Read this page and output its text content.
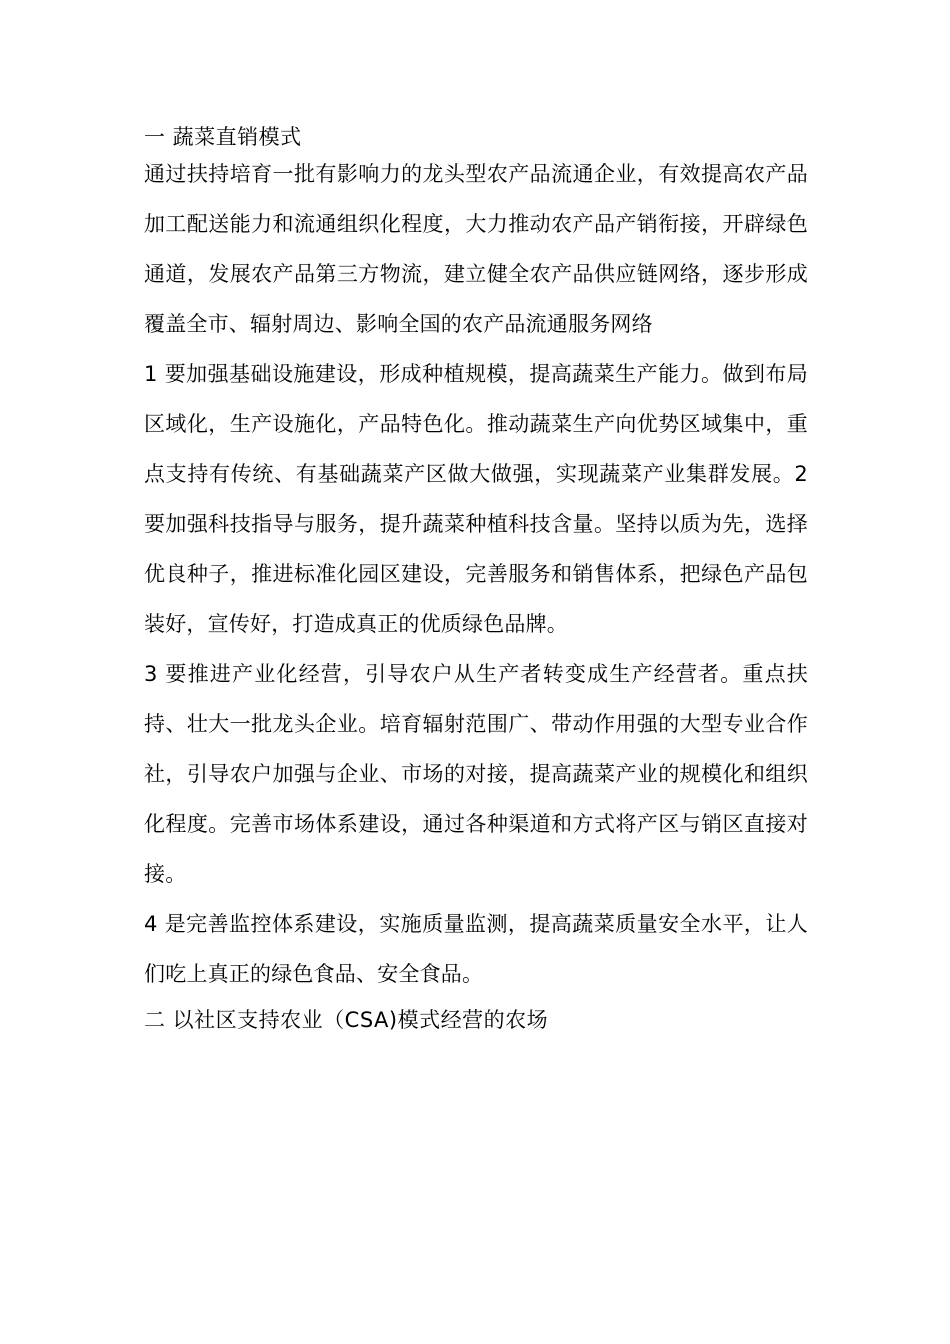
一 蔬菜直销模式

通过扶持培育一批有影响力的龙头型农产品流通企业，有效提高农产品加工配送能力和流通组织化程度，大力推动农产品产销衔接，开辟绿色通道，发展农产品第三方物流，建立健全农产品供应链网络，逐步形成覆盖全市、辐射周边、影响全国的农产品流通服务网络

1 要加强基础设施建设，形成种植规模，提高蔬菜生产能力。做到布局区域化，生产设施化，产品特色化。推动蔬菜生产向优势区域集中，重点支持有传统、有基础蔬菜产区做大做强，实现蔬菜产业集群发展。2 要加强科技指导与服务，提升蔬菜种植科技含量。坚持以质为先，选择优良种子，推进标准化园区建设，完善服务和销售体系，把绿色产品包装好，宣传好，打造成真正的优质绿色品牌。

3 要推进产业化经营，引导农户从生产者转变成生产经营者。重点扶持、壮大一批龙头企业。培育辐射范围广、带动作用强的大型专业合作社，引导农户加强与企业、市场的对接，提高蔬菜产业的规模化和组织化程度。完善市场体系建设，通过各种渠道和方式将产区与销区直接对接。

4 是完善监控体系建设，实施质量监测，提高蔬菜质量安全水平，让人们吃上真正的绿色食品、安全食品。

二 以社区支持农业（CSA)模式经营的农场
